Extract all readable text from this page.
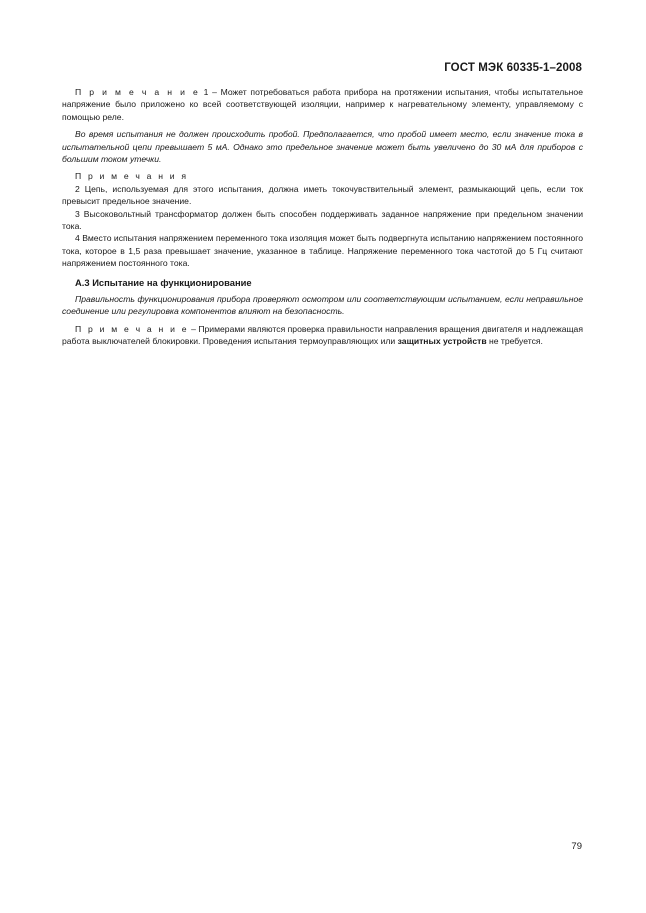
ГОСТ МЭК 60335-1–2008

П р и м е ч а н и е 1 – Может потребоваться работа прибора на протяжении испытания, чтобы испытательное напряжение было приложено ко всей соответствующей изоляции, например к нагревательному элементу, управляемому с помощью реле.

Во время испытания не должен происходить пробой. Предполагается, что пробой имеет место, если значение тока в испытательной цепи превышает 5 мА. Однако это предельное значение может быть увеличено до 30 мА для приборов с большим током утечки.

П р и м е ч а н и я

2 Цепь, используемая для этого испытания, должна иметь токочувствительный элемент, размыкающий цепь, если ток превысит предельное значение.

3 Высоковольтный трансформатор должен быть способен поддерживать заданное напряжение при предельном значении тока.

4 Вместо испытания напряжением переменного тока изоляция может быть подвергнута испытанию напряжением постоянного тока, которое в 1,5 раза превышает значение, указанное в таблице. Напряжение переменного тока частотой до 5 Гц считают напряжением постоянного тока.

А.3 Испытание на функционирование

Правильность функционирования прибора проверяют осмотром или соответствующим испытанием, если неправильное соединение или регулировка компонентов влияют на безопасность.

П р и м е ч а н и е – Примерами являются проверка правильности направления вращения двигателя и надлежащая работа выключателей блокировки. Проведения испытания термоуправляющих или защитных устройств не требуется.

79
